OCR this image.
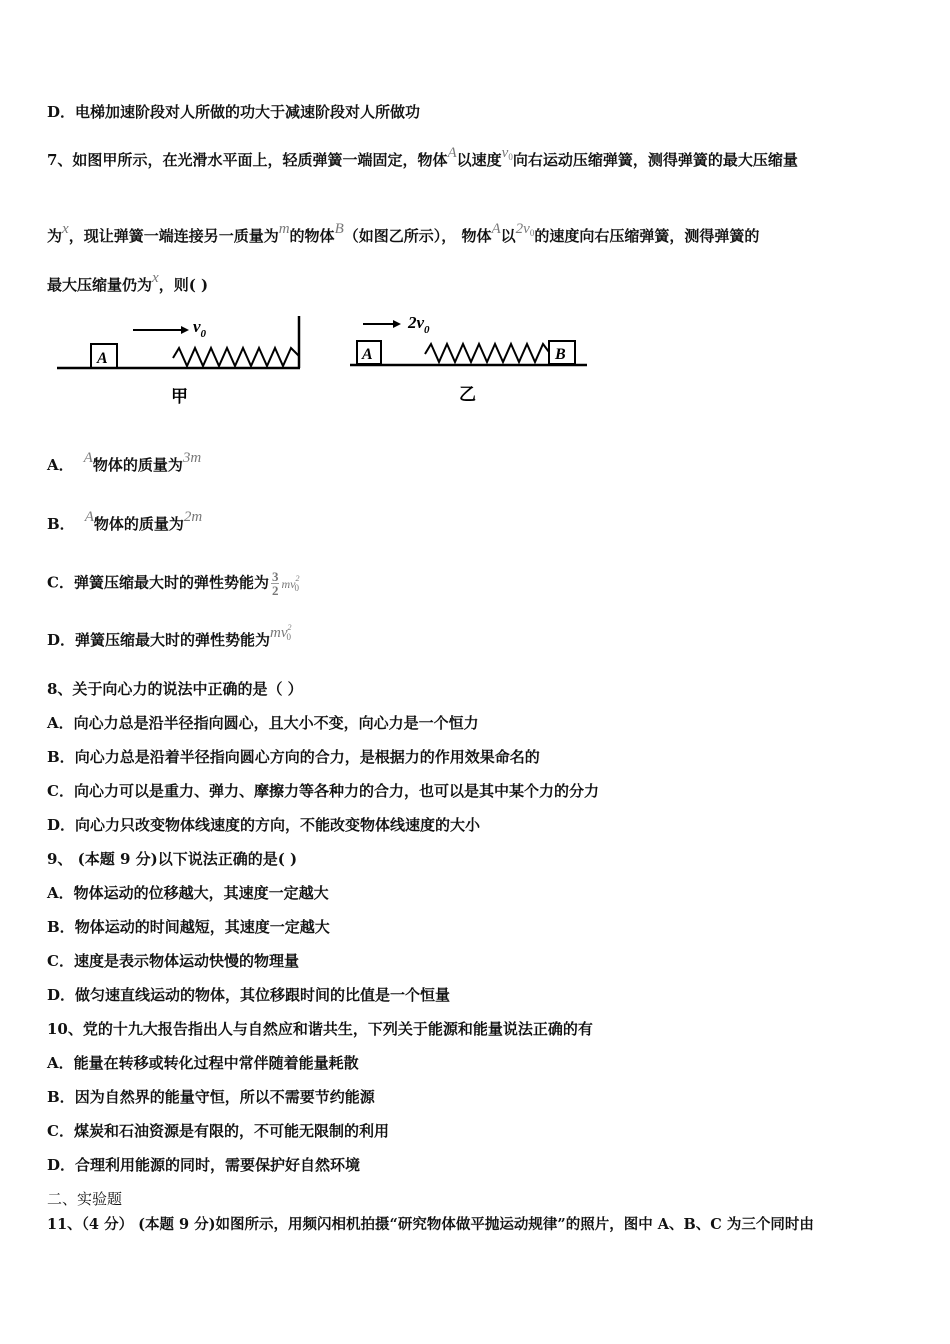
D．电梯加速阶段对人所做的功大于减速阶段对人所做功
7、如图甲所示，在光滑水平面上，轻质弹簧一端固定，物体A以速度$v_0$向右运动压缩弹簧，测得弹簧的最大压缩量
为x，现让弹簧一端连接另一质量为m的物体B（如图乙所示）， 物体A以$2v_0$的速度向右压缩弹簧，测得弹簧的
最大压缩量仍为x，则( )
A
$v_0$
甲
A	B
$2v_0$
乙
A． A物体的质量为3m
B． A物体的质量为2m
C．弹簧压缩最大时的弹性势能为 $\frac{3}{2} mv^2_0$
D．弹簧压缩最大时的弹性势能为$mv^2_0$
8、关于向心力的说法中正确的是（ ）
A．向心力总是沿半径指向圆心，且大小不变，向心力是一个恒力
B．向心力总是沿着半径指向圆心方向的合力，是根据力的作用效果命名的
C．向心力可以是重力、弹力、摩擦力等各种力的合力，也可以是其中某个力的分力
D．向心力只改变物体线速度的方向，不能改变物体线速度的大小
9、 (本题 9 分)以下说法正确的是( )
A．物体运动的位移越大，其速度一定越大
B．物体运动的时间越短，其速度一定越大
C．速度是表示物体运动快慢的物理量
D．做匀速直线运动的物体，其位移跟时间的比值是一个恒量
10、党的十九大报告指出人与自然应和谐共生，下列关于能源和能量说法正确的有
A．能量在转移或转化过程中常伴随着能量耗散
B．因为自然界的能量守恒，所以不需要节约能源
C．煤炭和石油资源是有限的，不可能无限制的利用
D．合理利用能源的同时，需要保护好自然环境
二、实验题
11、（4 分） (本题 9 分)如图所示，用频闪相机拍摄“研究物体做平抛运动规律”的照片，图中 A、B、C 为三个同时由
